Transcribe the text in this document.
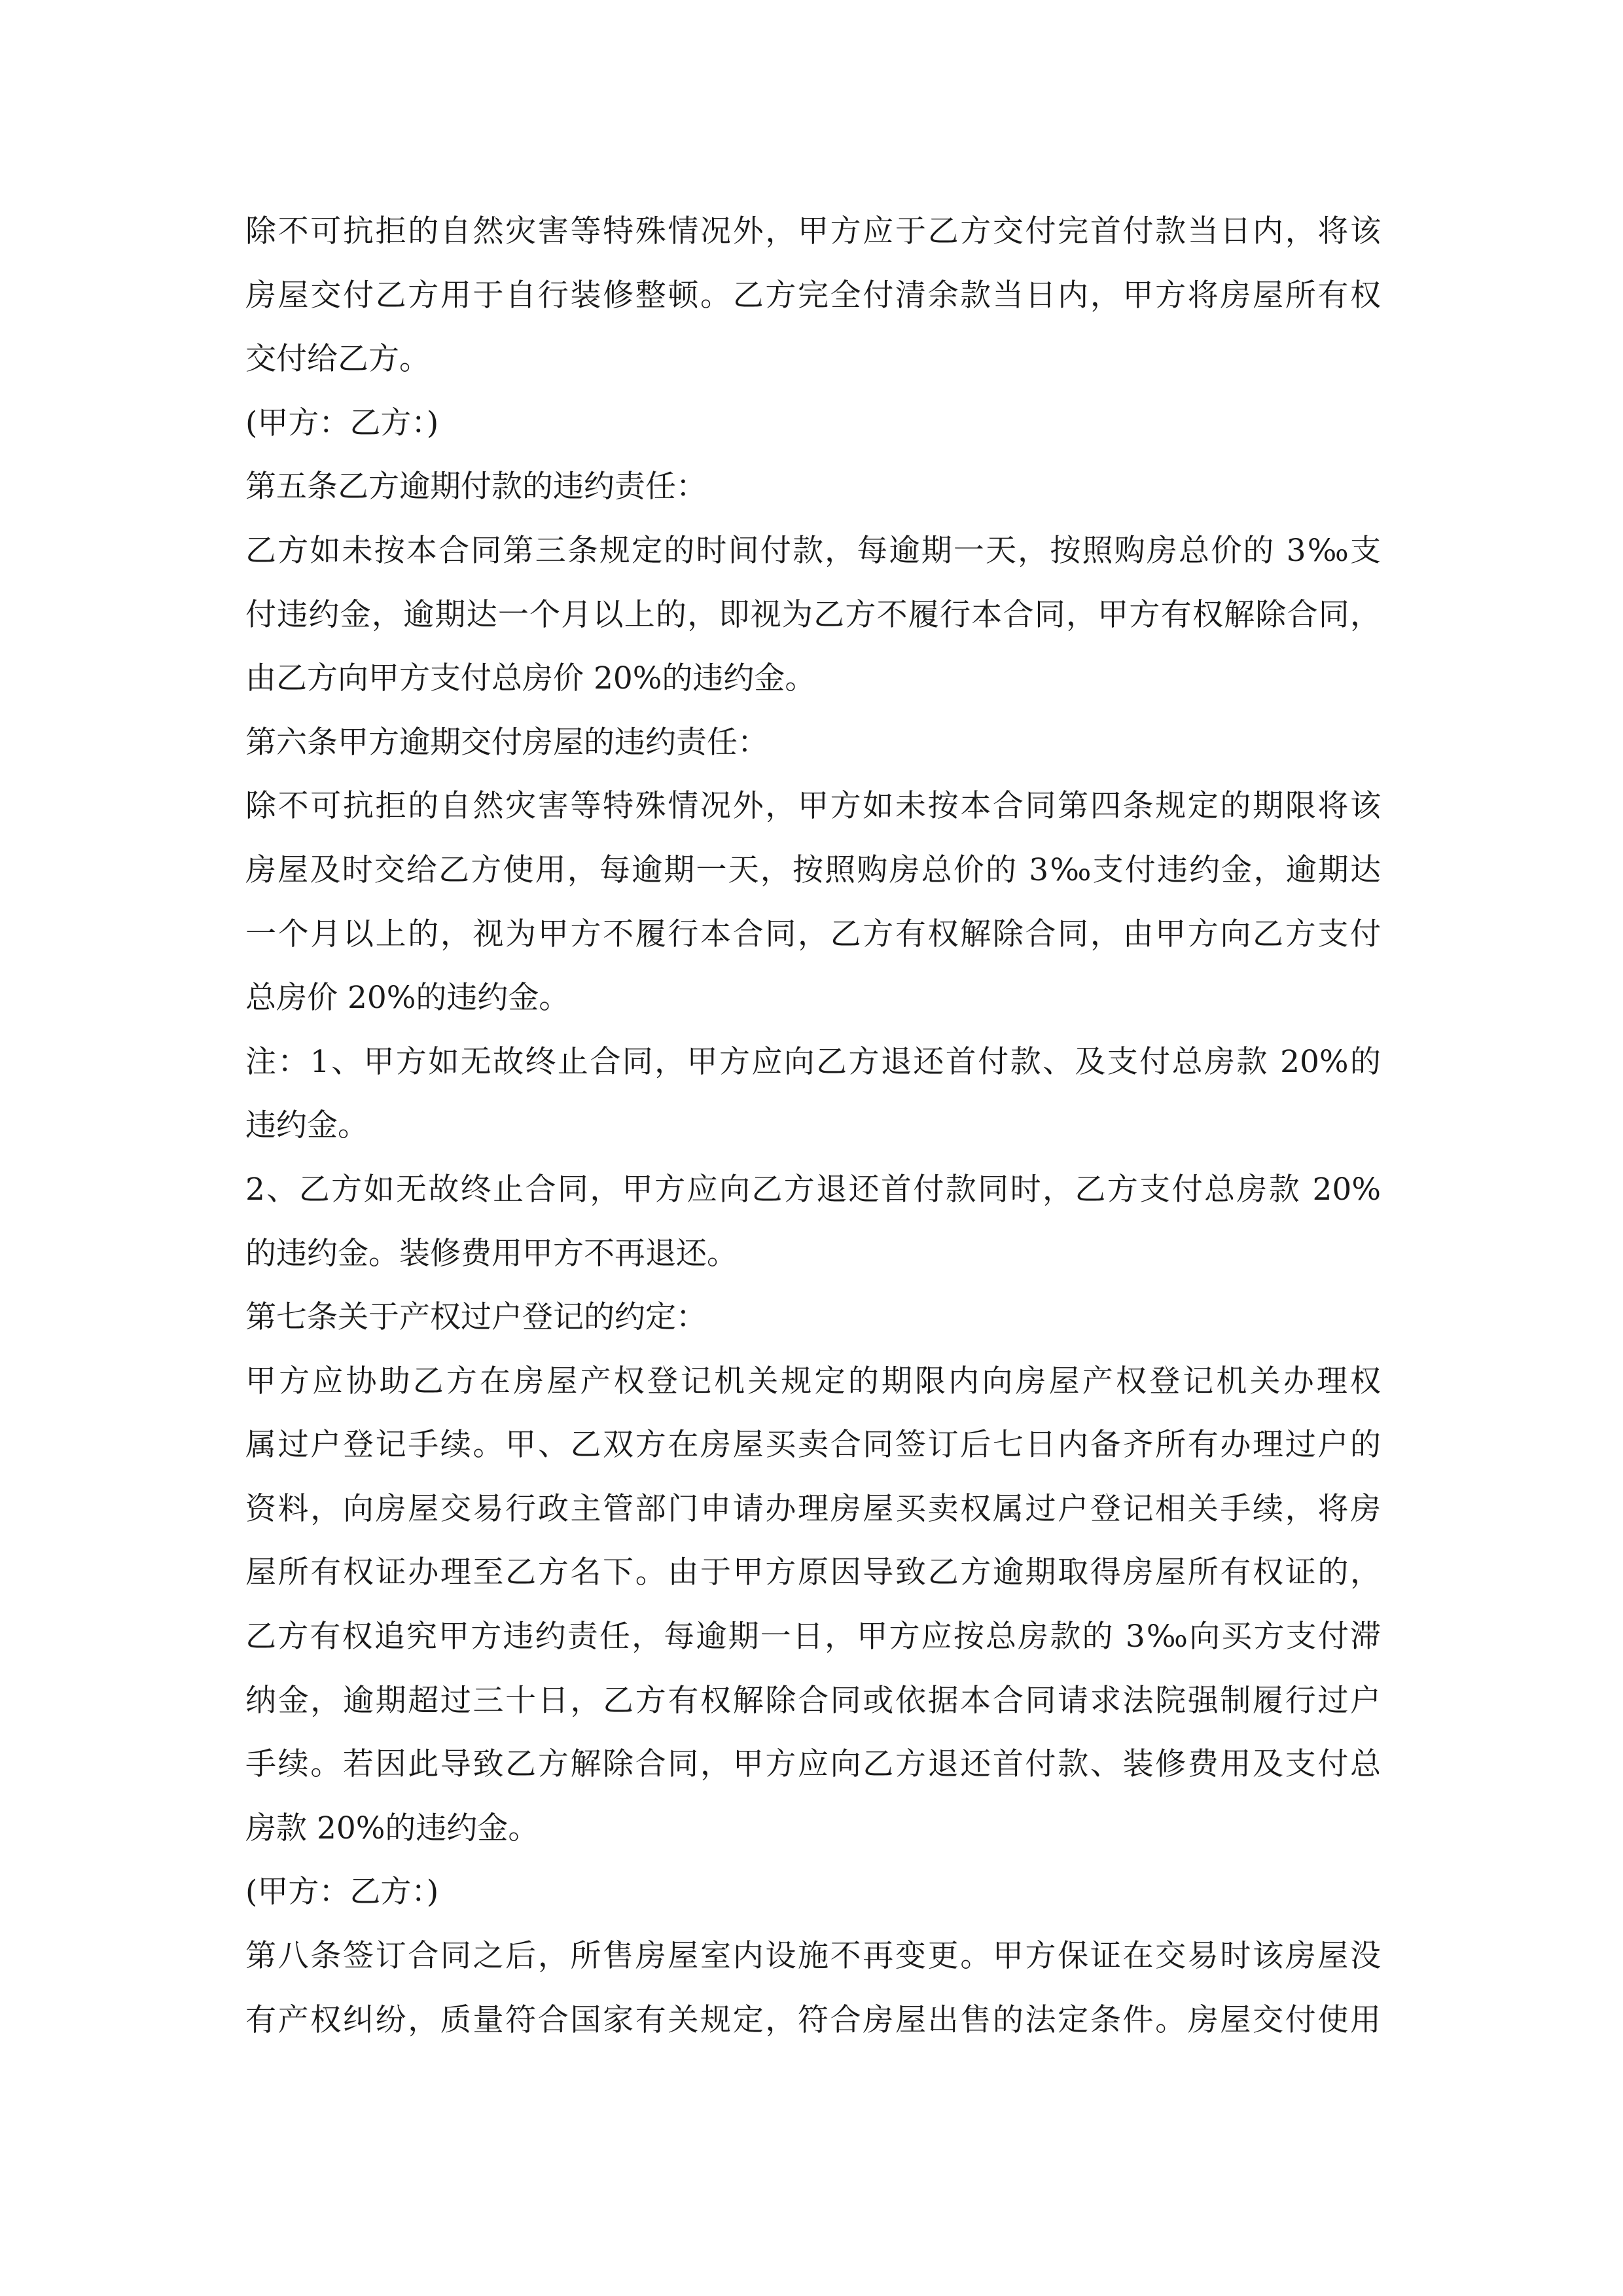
除不可抗拒的自然灾害等特殊情况外，甲方应于乙方交付完首付款当日内，将该
房屋交付乙方用于自行装修整顿。乙方完全付清余款当日内，甲方将房屋所有权
交付给乙方。
(甲方：乙方：)
第五条乙方逾期付款的违约责任：
乙方如未按本合同第三条规定的时间付款，每逾期一天，按照购房总价的 3‰支
付违约金，逾期达一个月以上的，即视为乙方不履行本合同，甲方有权解除合同，
由乙方向甲方支付总房价 20%的违约金。
第六条甲方逾期交付房屋的违约责任：
除不可抗拒的自然灾害等特殊情况外，甲方如未按本合同第四条规定的期限将该
房屋及时交给乙方使用，每逾期一天，按照购房总价的 3‰支付违约金，逾期达
一个月以上的，视为甲方不履行本合同，乙方有权解除合同，由甲方向乙方支付
总房价 20%的违约金。
注：1、甲方如无故终止合同，甲方应向乙方退还首付款、及支付总房款 20%的
违约金。
2、乙方如无故终止合同，甲方应向乙方退还首付款同时，乙方支付总房款 20%
的违约金。装修费用甲方不再退还。
第七条关于产权过户登记的约定：
甲方应协助乙方在房屋产权登记机关规定的期限内向房屋产权登记机关办理权
属过户登记手续。甲、乙双方在房屋买卖合同签订后七日内备齐所有办理过户的
资料，向房屋交易行政主管部门申请办理房屋买卖权属过户登记相关手续，将房
屋所有权证办理至乙方名下。由于甲方原因导致乙方逾期取得房屋所有权证的，
乙方有权追究甲方违约责任，每逾期一日，甲方应按总房款的 3‰向买方支付滞
纳金，逾期超过三十日，乙方有权解除合同或依据本合同请求法院强制履行过户
手续。若因此导致乙方解除合同，甲方应向乙方退还首付款、装修费用及支付总
房款 20%的违约金。
(甲方：乙方：)
第八条签订合同之后，所售房屋室内设施不再变更。甲方保证在交易时该房屋没
有产权纠纷，质量符合国家有关规定，符合房屋出售的法定条件。房屋交付使用
